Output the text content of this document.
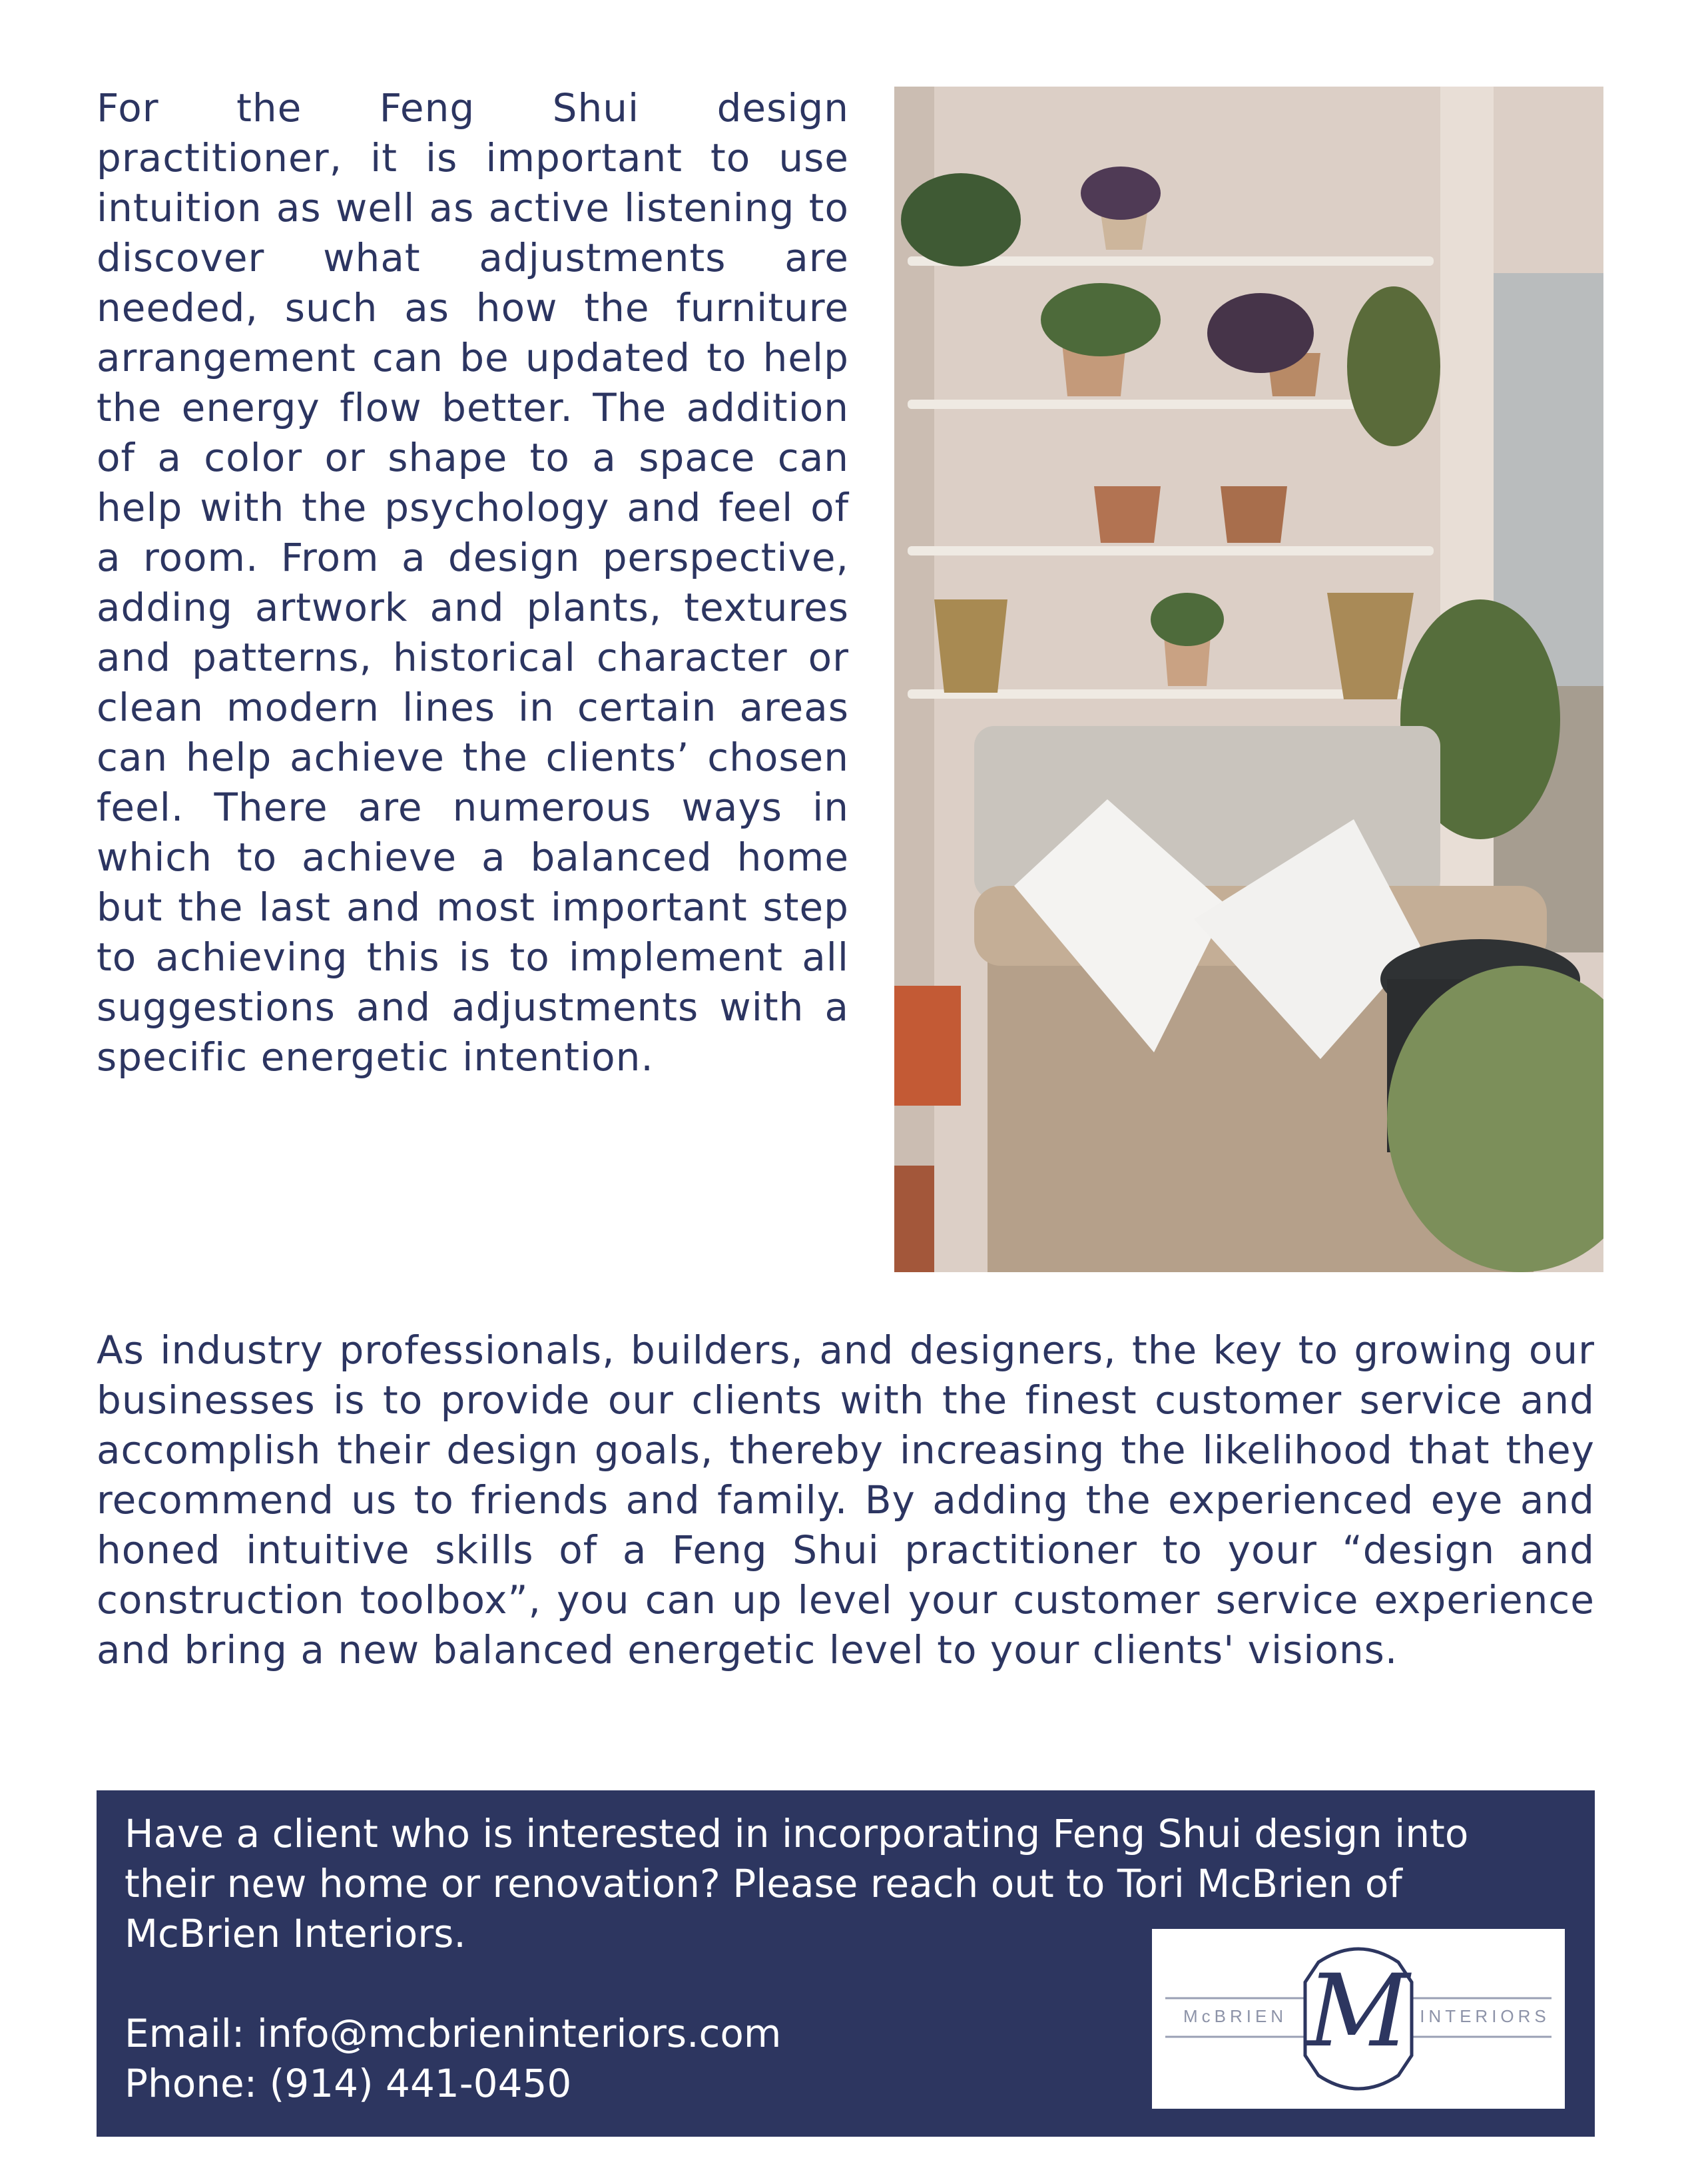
For the Feng Shui design practitioner, it is important to use intuition as well as active listening to discover what adjustments are needed, such as how the furniture arrangement can be updated to help the energy flow better. The addition of a color or shape to a space can help with the psychology and feel of a room. From a design perspective, adding artwork and plants, textures and patterns, historical character or clean modern lines in certain areas can help achieve the clients’ chosen feel. There are numerous ways in which to achieve a balanced home but the last and most important step to achieving this is to implement all suggestions and adjustments with a specific energetic intention.

As industry professionals, builders, and designers, the key to growing our businesses is to provide our clients with the finest customer service and accomplish their design goals, thereby increasing the likelihood that they recommend us to friends and family. By adding the experienced eye and honed intuitive skills of a Feng Shui practitioner to your “design and construction toolbox”, you can up level your customer service experience and bring a new balanced energetic level to your clients' visions.

Have a client who is interested in incorporating Feng Shui design into their new home or renovation? Please reach out to Tori McBrien of McBrien Interiors.

Email: info@mcbrieninteriors.com
Phone: (914) 441-0450
M
McBRIEN	INTERIORS
